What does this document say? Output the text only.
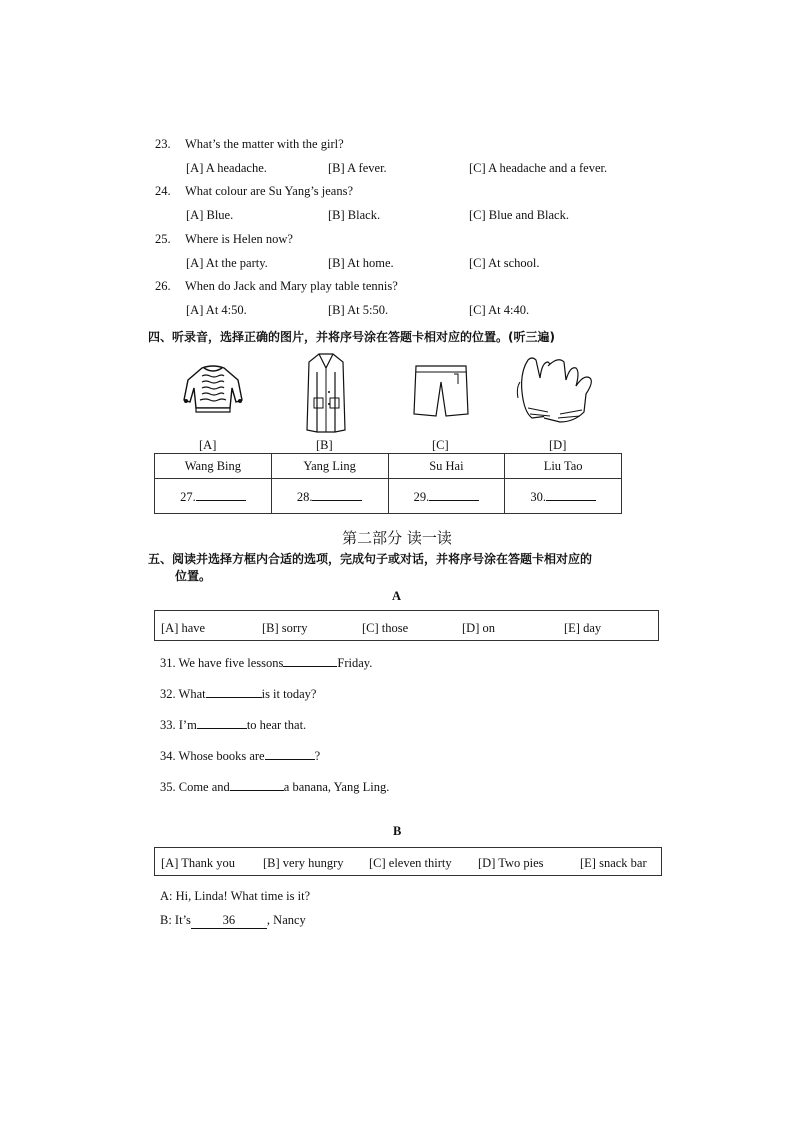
23. What’s the matter with the girl?
[A] A headache.	[B] A fever.	[C] A headache and a fever.
24. What colour are Su Yang’s jeans?
[A] Blue.	[B] Black.	[C] Blue and Black.
25. Where is Helen now?
[A] At the party.	[B] At home.	[C] At school.
26. When do Jack and Mary play table tennis?
[A] At 4:50.	[B] At 5:50.	[C] At 4:40.
四、听录音，选择正确的图片，并将序号涂在答题卡相对应的位置。(听三遍)
[A]	[B]	[C]	[D]
Wang Bing	Yang Ling	Su Hai	Liu Tao
27.	28.	29.	30.
第二部分 读一读
五、阅读并选择方框内合适的选项，完成句子或对话，并将序号涂在答题卡相对应的
位置。
A
[A] have	[B] sorry	[C] those	[D] on	[E] day
31. We have five lessons	Friday.
32. What	is it today?
33. I’m	to hear that.
34. Whose books are	?
35. Come and	a banana, Yang Ling.
B
[A] Thank you [B] very hungry [C] eleven thirty [D] Two pies	[E] snack bar
A: Hi, Linda! What time is it?
B: It’s	36	, Nancy
